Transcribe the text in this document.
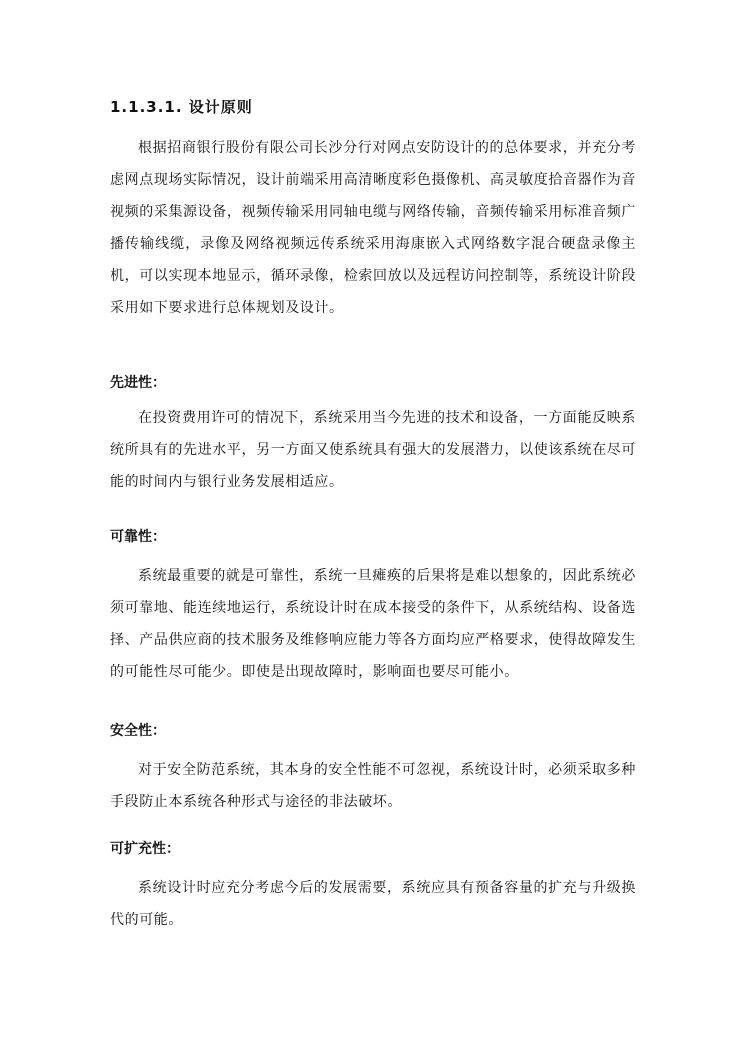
1.1.3.1. 设计原则

根据招商银行股份有限公司长沙分行对网点安防设计的的总体要求，并充分考虑网点现场实际情况，设计前端采用高清晰度彩色摄像机、高灵敏度拾音器作为音视频的采集源设备，视频传输采用同轴电缆与网络传输，音频传输采用标准音频广播传输线缆，录像及网络视频远传系统采用海康嵌入式网络数字混合硬盘录像主机，可以实现本地显示，循环录像，检索回放以及远程访问控制等，系统设计阶段采用如下要求进行总体规划及设计。

先进性：

在投资费用许可的情况下，系统采用当今先进的技术和设备，一方面能反映系统所具有的先进水平，另一方面又使系统具有强大的发展潜力，以使该系统在尽可能的时间内与银行业务发展相适应。

可靠性：

系统最重要的就是可靠性，系统一旦瘫痪的后果将是难以想象的，因此系统必须可靠地、能连续地运行，系统设计时在成本接受的条件下，从系统结构、设备选择、产品供应商的技术服务及维修响应能力等各方面均应严格要求，使得故障发生的可能性尽可能少。即使是出现故障时，影响面也要尽可能小。

安全性：

对于安全防范系统，其本身的安全性能不可忽视，系统设计时，必须采取多种手段防止本系统各种形式与途径的非法破坏。

可扩充性：

系统设计时应充分考虑今后的发展需要，系统应具有预备容量的扩充与升级换代的可能。
